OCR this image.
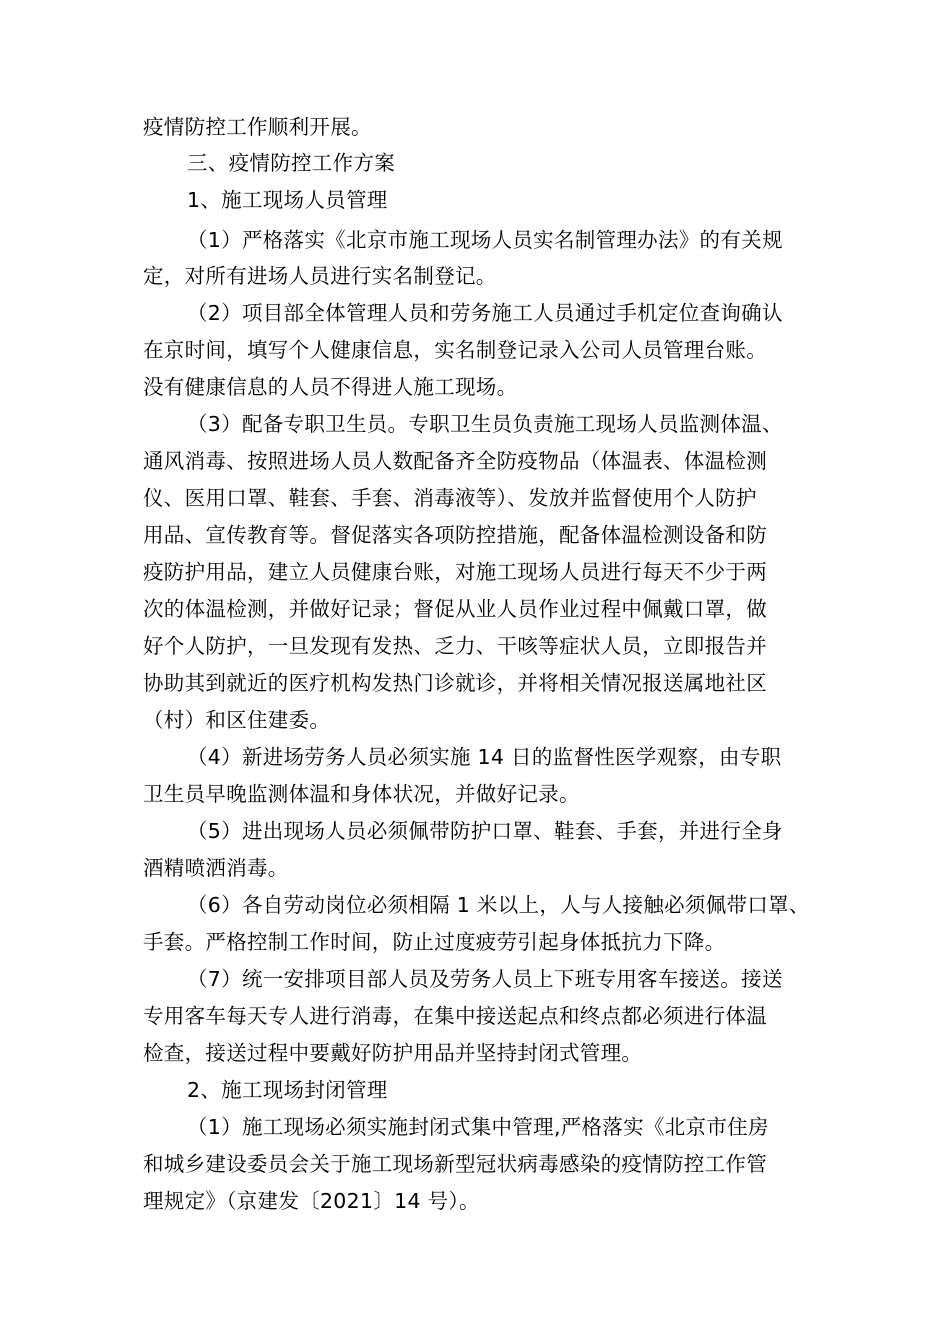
疫情防控工作顺利开展。
三、疫情防控工作方案
1、施工现场人员管理
（1）严格落实《北京市施工现场人员实名制管理办法》的有关规
定，对所有进场人员进行实名制登记。
（2）项目部全体管理人员和劳务施工人员通过手机定位查询确认
在京时间，填写个人健康信息，实名制登记录入公司人员管理台账。
没有健康信息的人员不得进人施工现场。
（3）配备专职卫生员。专职卫生员负责施工现场人员监测体温、
通风消毒、按照进场人员人数配备齐全防疫物品（体温表、体温检测
仪、医用口罩、鞋套、手套、消毒液等）、发放并监督使用个人防护
用品、宣传教育等。督促落实各项防控措施，配备体温检测设备和防
疫防护用品，建立人员健康台账，对施工现场人员进行每天不少于两
次的体温检测，并做好记录；督促从业人员作业过程中佩戴口罩，做
好个人防护，一旦发现有发热、乏力、干咳等症状人员，立即报告并
协助其到就近的医疗机构发热门诊就诊，并将相关情况报送属地社区
（村）和区住建委。
（4）新进场劳务人员必须实施 14 日的监督性医学观察，由专职
卫生员早晚监测体温和身体状况，并做好记录。
（5）进出现场人员必须佩带防护口罩、鞋套、手套，并进行全身
酒精喷洒消毒。
（6）各自劳动岗位必须相隔 1 米以上，人与人接触必须佩带口罩、
手套。严格控制工作时间，防止过度疲劳引起身体抵抗力下降。
（7）统一安排项目部人员及劳务人员上下班专用客车接送。接送
专用客车每天专人进行消毒，在集中接送起点和终点都必须进行体温
检查，接送过程中要戴好防护用品并坚持封闭式管理。
2、施工现场封闭管理
（1）施工现场必须实施封闭式集中管理,严格落实《北京市住房
和城乡建设委员会关于施工现场新型冠状病毒感染的疫情防控工作管
理规定》（京建发〔2021〕14 号）。
